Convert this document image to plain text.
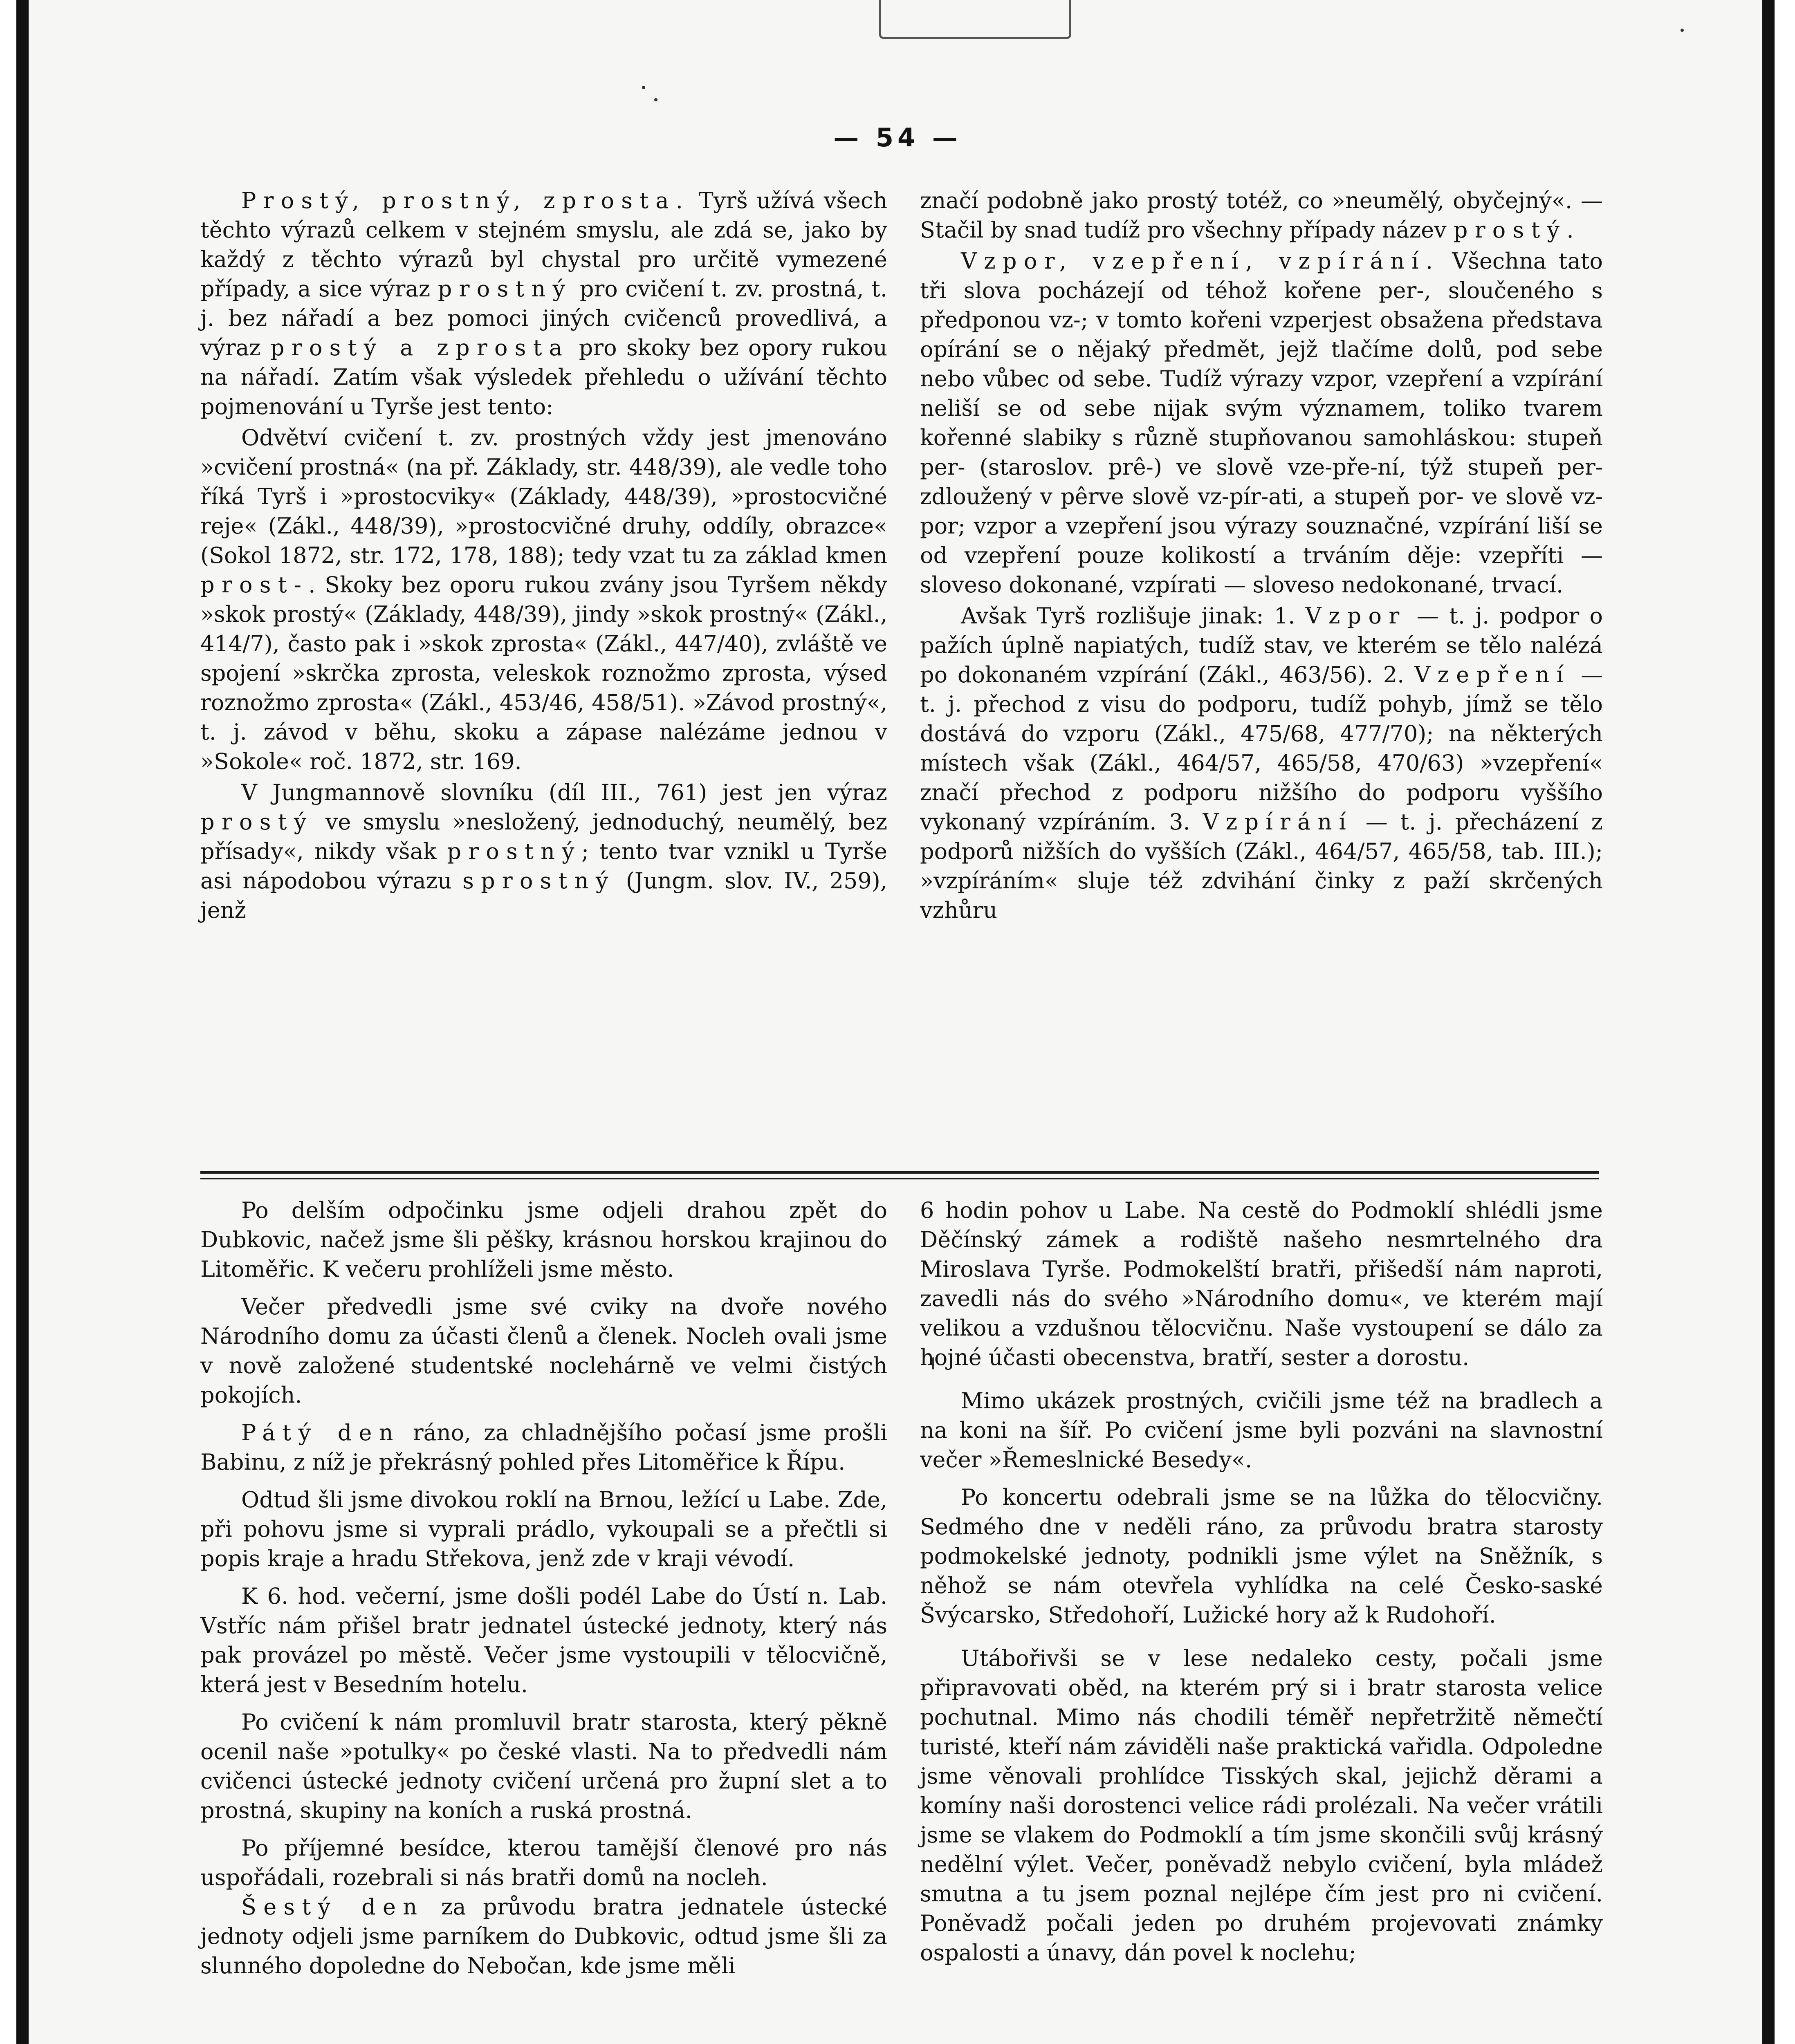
— 54 —

Prostý, prostný, zprosta. Tyrš užívá všech těchto výrazů celkem v stejném smyslu, ale zdá se, jako by každý z těchto výrazů byl chystal pro určitě vymezené případy, a sice výraz prostný pro cvičení t. zv. prostná, t. j. bez nářadí a bez pomoci jiných cvičenců provedlivá, a výraz prostý a zprosta pro skoky bez opory rukou na nářadí. Zatím však výsledek přehledu o užívání těchto pojmenování u Tyrše jest tento:

Odvětví cvičení t. zv. prostných vždy jest jmenováno »cvičení prostná« (na př. Základy, str. 448/39), ale vedle toho říká Tyrš i »prostocviky« (Základy, 448/39), »prostocvičné reje« (Zákl., 448/39), »prostocvičné druhy, oddíly, obrazce« (Sokol 1872, str. 172, 178, 188); tedy vzat tu za základ kmen prost-. Skoky bez oporu rukou zvány jsou Tyršem někdy »skok prostý« (Základy, 448/39), jindy »skok prostný« (Zákl., 414/7), často pak i »skok zprosta« (Zákl., 447/40), zvláště ve spojení »skrčka zprosta, veleskok roznožmo zprosta, výsed roznožmo zprosta« (Zákl., 453/46, 458/51). »Závod prostný«, t. j. závod v běhu, skoku a zápase nalézáme jednou v »Sokole« roč. 1872, str. 169.

V Jungmannově slovníku (díl III., 761) jest jen výraz prostý ve smyslu »nesložený, jednoduchý, neumělý, bez přísady«, nikdy však prostný; tento tvar vznikl u Tyrše asi nápodobou výrazu sprostný (Jungm. slov. IV., 259), jenž

značí podobně jako prostý totéž, co »neumělý, obyčejný«. — Stačil by snad tudíž pro všechny případy název prostý.

Vzpor, vzepření, vzpírání. Všechna tato tři slova pocházejí od téhož kořene per-, sloučeného s předponou vz-; v tomto kořeni vzperjest obsažena představa opírání se o nějaký předmět, jejž tlačíme dolů, pod sebe nebo vůbec od sebe. Tudíž výrazy vzpor, vzepření a vzpírání neliší se od sebe nijak svým významem, toliko tvarem kořenné slabiky s různě stupňovanou samohláskou: stupeň per- (staroslov. prê-) ve slově vze-pře-ní, týž stupeň per- zdloužený v pêrve slově vz-pír-ati, a stupeň por- ve slově vz-por; vzpor a vzepření jsou výrazy souznačné, vzpírání liší se od vzepření pouze kolikostí a trváním děje: vzepříti — sloveso dokonané, vzpírati — sloveso nedokonané, trvací.

Avšak Tyrš rozlišuje jinak: 1. Vzpor — t. j. podpor o pažích úplně napiatých, tudíž stav, ve kterém se tělo nalézá po dokonaném vzpírání (Zákl., 463/56). 2. Vzepření — t. j. přechod z visu do podporu, tudíž pohyb, jímž se tělo dostává do vzporu (Zákl., 475/68, 477/70); na některých místech však (Zákl., 464/57, 465/58, 470/63) »vzepření« značí přechod z podporu nižšího do podporu vyššího vykonaný vzpíráním. 3. Vzpírání — t. j. přecházení z podporů nižších do vyšších (Zákl., 464/57, 465/58, tab. III.); »vzpíráním« sluje též zdvihání činky z paží skrčených vzhůru

Po delším odpočinku jsme odjeli drahou zpět do Dubkovic, načež jsme šli pěšky, krásnou horskou krajinou do Litoměřic. K večeru prohlíželi jsme město.

Večer předvedli jsme své cviky na dvoře nového Národního domu za účasti členů a členek. Nocleh ovali jsme v nově založené studentské noclehárně ve velmi čistých pokojích.

Pátý den ráno, za chladnějšího počasí jsme prošli Babinu, z níž je překrásný pohled přes Litoměřice k Řípu.

Odtud šli jsme divokou roklí na Brnou, ležící u Labe. Zde, při pohovu jsme si vyprali prádlo, vykoupali se a přečtli si popis kraje a hradu Střekova, jenž zde v kraji vévodí.

K 6. hod. večerní, jsme došli podél Labe do Ústí n. Lab. Vstříc nám přišel bratr jednatel ústecké jednoty, který nás pak provázel po městě. Večer jsme vystoupili v tělocvičně, která jest v Besedním hotelu.

Po cvičení k nám promluvil bratr starosta, který pěkně ocenil naše »potulky« po české vlasti. Na to předvedli nám cvičenci ústecké jednoty cvičení určená pro župní slet a to prostná, skupiny na koních a ruská prostná.

Po příjemné besídce, kterou tamější členové pro nás uspořádali, rozebrali si nás bratři domů na nocleh.

Šestý den za průvodu bratra jednatele ústecké jednoty odjeli jsme parníkem do Dubkovic, odtud jsme šli za slunného dopoledne do Nebočan, kde jsme měli

6 hodin pohov u Labe. Na cestě do Podmoklí shlédli jsme Děčínský zámek a rodiště našeho nesmrtelného dra Miroslava Tyrše. Podmokelští bratři, přišedší nám naproti, zavedli nás do svého »Národního domu«, ve kterém mají velikou a vzdušnou tělocvičnu. Naše vystoupení se dálo za hojné účasti obecenstva, bratří, sester a dorostu.

Mimo ukázek prostných, cvičili jsme též na bradlech a na koni na šíř. Po cvičení jsme byli pozváni na slavnostní večer »Řemeslnické Besedy«.

Po koncertu odebrali jsme se na lůžka do tělocvičny. Sedmého dne v neděli ráno, za průvodu bratra starosty podmokelské jednoty, podnikli jsme výlet na Sněžník, s něhož se nám otevřela vyhlídka na celé Česko-saské Švýcarsko, Středohoří, Lužické hory až k Rudohoří.

Utábořivši se v lese nedaleko cesty, počali jsme připravovati oběd, na kterém prý si i bratr starosta velice pochutnal. Mimo nás chodili téměř nepřetržitě němečtí turisté, kteří nám záviděli naše praktická vařidla. Odpoledne jsme věnovali prohlídce Tisských skal, jejichž děrami a komíny naši dorostenci velice rádi prolézali. Na večer vrátili jsme se vlakem do Podmoklí a tím jsme skončili svůj krásný nedělní výlet. Večer, poněvadž nebylo cvičení, byla mládež smutna a tu jsem poznal nejlépe čím jest pro ni cvičení. Poněvadž počali jeden po druhém projevovati známky ospalosti a únavy, dán povel k noclehu;
